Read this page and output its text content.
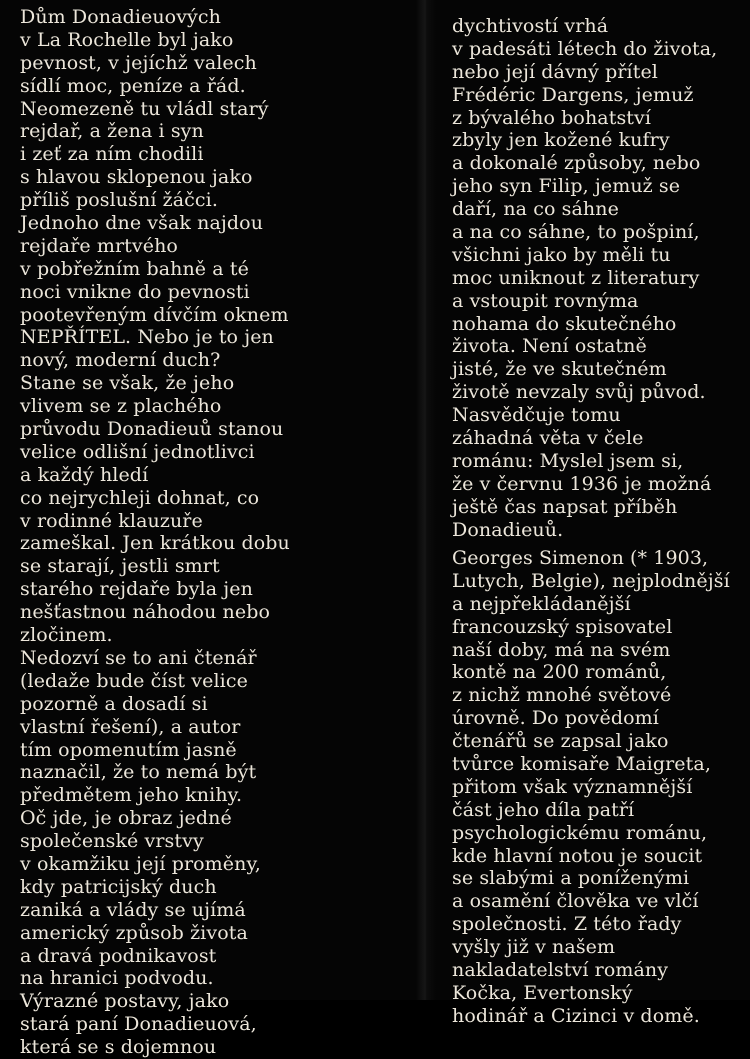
Dům Donadieuových
v La Rochelle byl jako
pevnost, v jejíchž valech
sídlí moc, peníze a řád.
Neomezeně tu vládl starý
rejdař, a žena i syn
i zeť za ním chodili
s hlavou sklopenou jako
příliš poslušní žáčci.
Jednoho dne však najdou
rejdaře mrtvého
v pobřežním bahně a té
noci vnikne do pevnosti
pootevřeným dívčím oknem
NEPŘÍTEL. Nebo je to jen
nový, moderní duch?
Stane se však, že jeho
vlivem se z plachého
průvodu Donadieuů stanou
velice odlišní jednotlivci
a každý hledí
co nejrychleji dohnat, co
v rodinné klauzuře
zameškal. Jen krátkou dobu
se starají, jestli smrt
starého rejdaře byla jen
nešťastnou náhodou nebo
zločinem.
Nedozví se to ani čtenář
(ledaže bude číst velice
pozorně a dosadí si
vlastní řešení), a autor
tím opomenutím jasně
naznačil, že to nemá být
předmětem jeho knihy.
Oč jde, je obraz jedné
společenské vrstvy
v okamžiku její proměny,
kdy patricijský duch
zaniká a vlády se ujímá
americký způsob života
a dravá podnikavost
na hranici podvodu.
Výrazné postavy, jako
stará paní Donadieuová,
která se s dojemnou
dychtivostí vrhá
v padesáti létech do života,
nebo její dávný přítel
Frédéric Dargens, jemuž
z bývalého bohatství
zbyly jen kožené kufry
a dokonalé způsoby, nebo
jeho syn Filip, jemuž se
daří, na co sáhne
a na co sáhne, to pošpiní,
všichni jako by měli tu
moc uniknout z literatury
a vstoupit rovnýma
nohama do skutečného
života. Není ostatně
jisté, že ve skutečném
životě nevzaly svůj původ.
Nasvědčuje tomu
záhadná věta v čele
románu: Myslel jsem si,
že v červnu 1936 je možná
ještě čas napsat příběh
Donadieuů.
Georges Simenon (* 1903,
Lutych, Belgie), nejplodnější
a nejpřekládanější
francouzský spisovatel
naší doby, má na svém
kontě na 200 románů,
z nichž mnohé světové
úrovně. Do povědomí
čtenářů se zapsal jako
tvůrce komisaře Maigreta,
přitom však významnější
část jeho díla patří
psychologickému románu,
kde hlavní notou je soucit
se slabými a poníženými
a osamění člověka ve vlčí
společnosti. Z této řady
vyšly již v našem
nakladatelství romány
Kočka, Evertonský
hodinář a Cizinci v domě.
